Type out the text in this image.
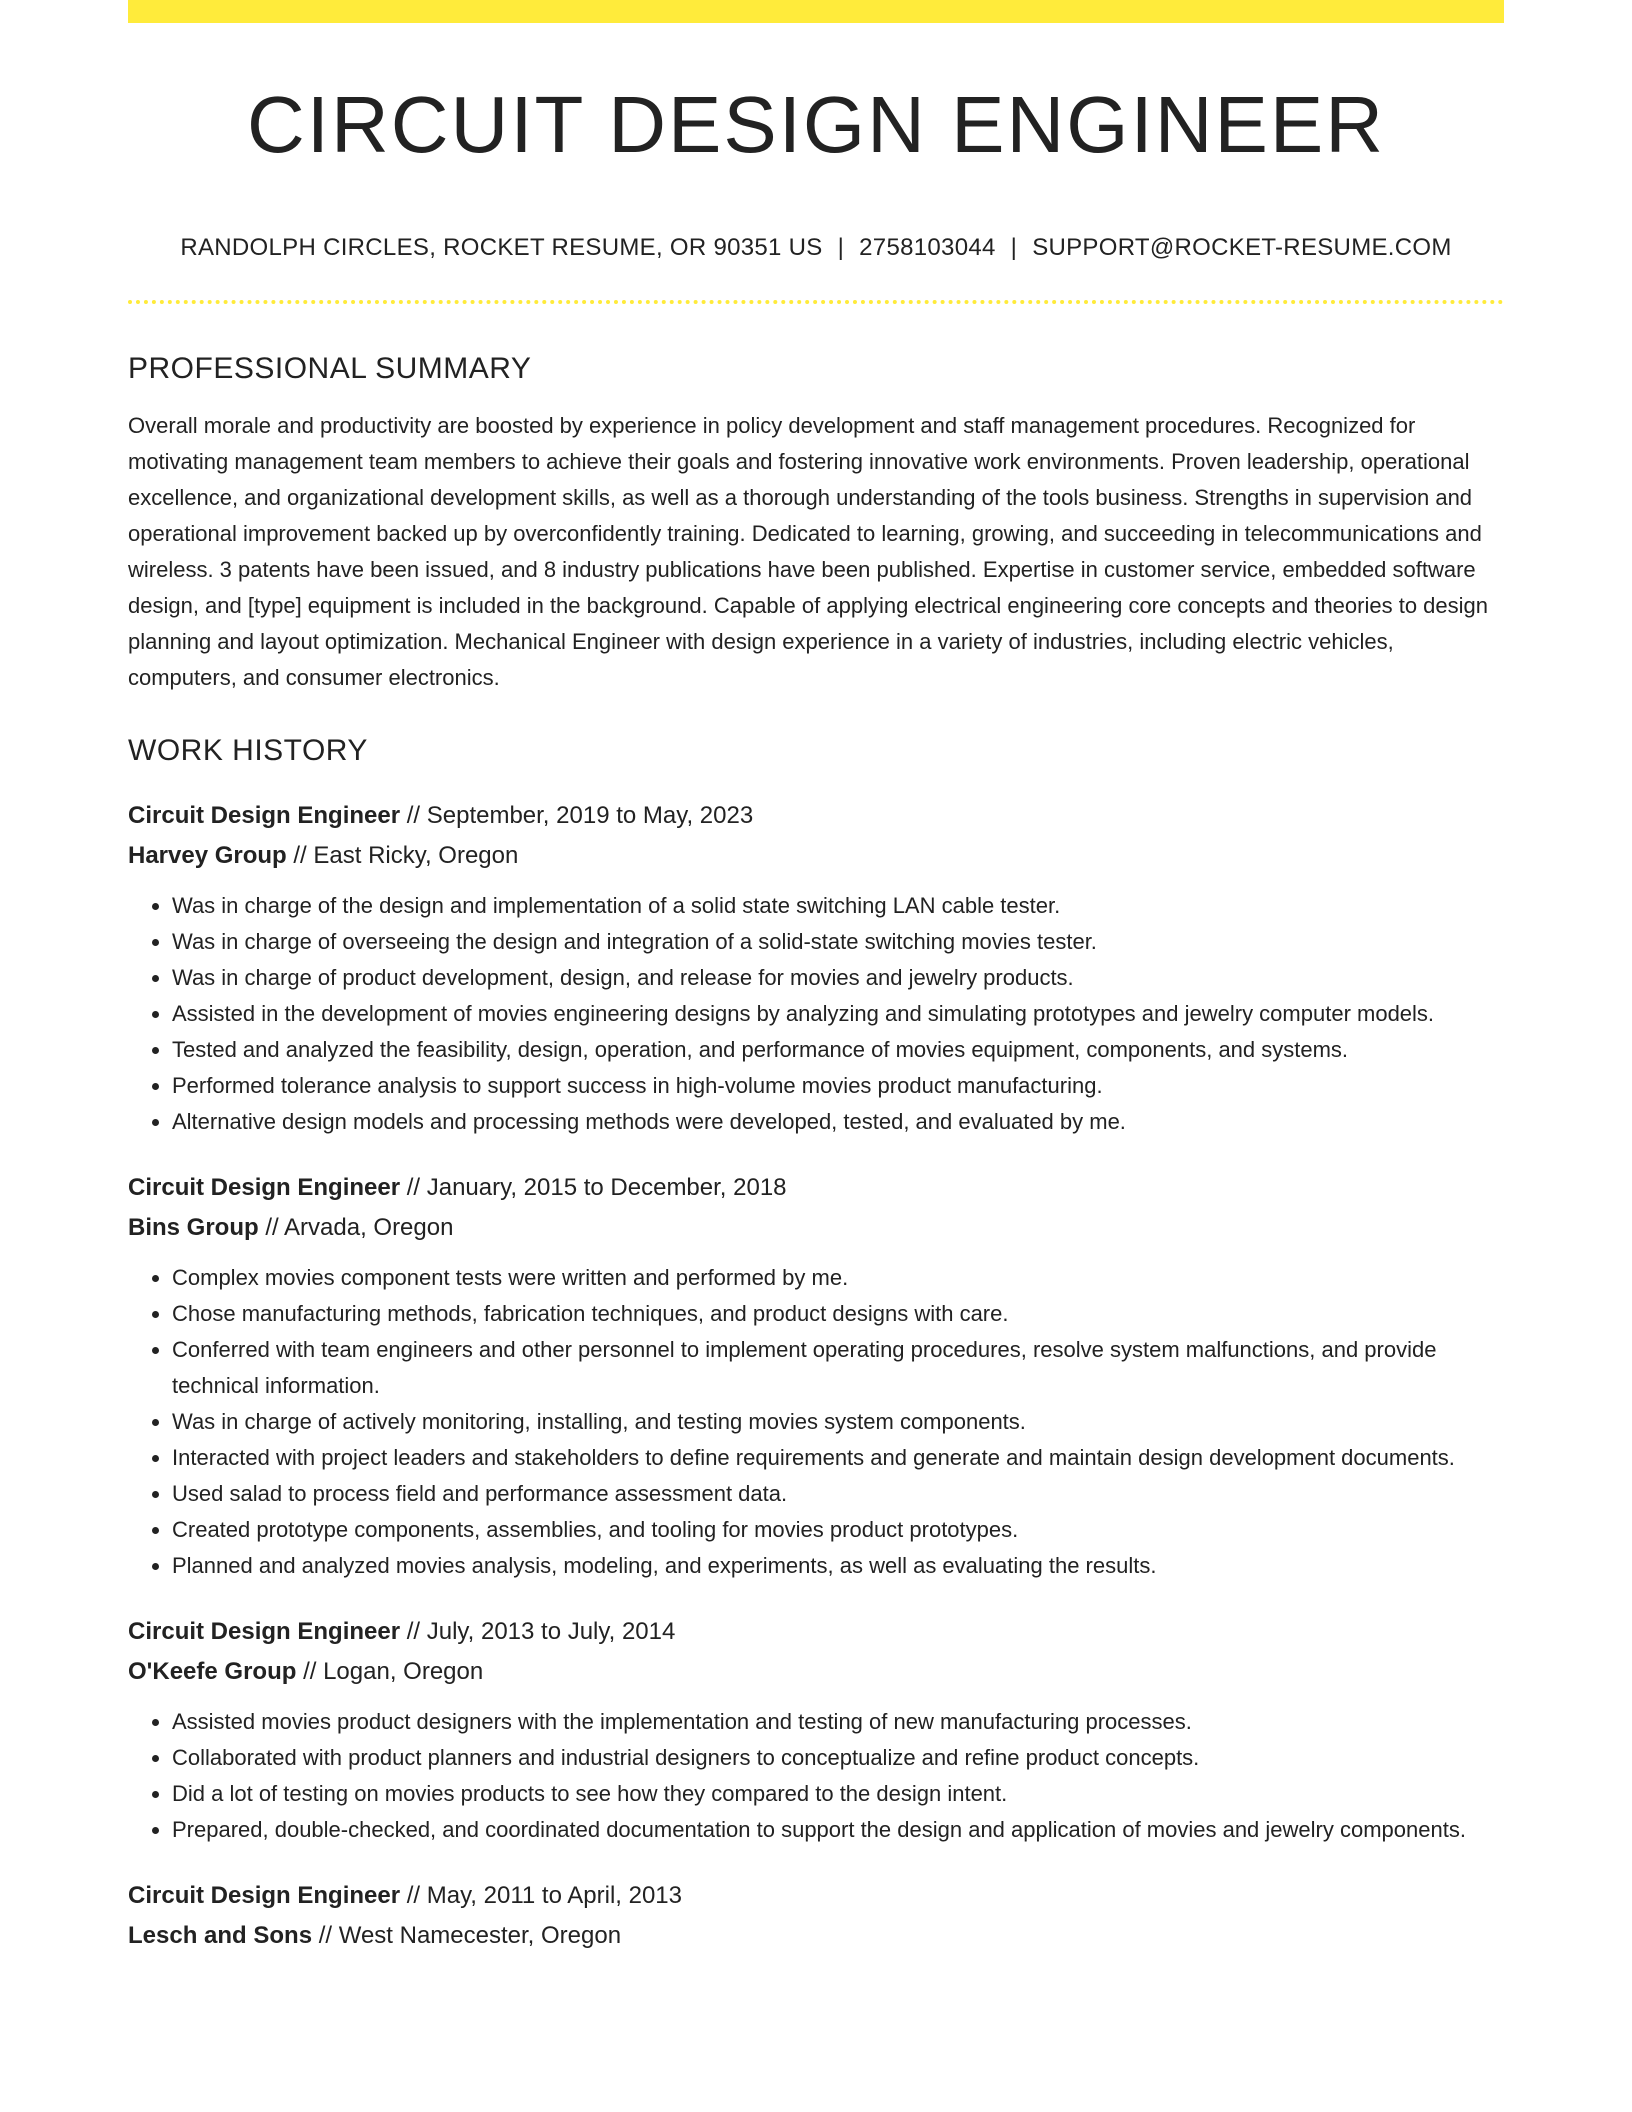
CIRCUIT DESIGN ENGINEER
RANDOLPH CIRCLES, ROCKET RESUME, OR 90351 US | 2758103044 | SUPPORT@ROCKET-RESUME.COM
PROFESSIONAL SUMMARY

Overall morale and productivity are boosted by experience in policy development and staff management procedures. Recognized for motivating management team members to achieve their goals and fostering innovative work environments. Proven leadership, operational excellence, and organizational development skills, as well as a thorough understanding of the tools business. Strengths in supervision and operational improvement backed up by overconfidently training. Dedicated to learning, growing, and succeeding in telecommunications and wireless. 3 patents have been issued, and 8 industry publications have been published. Expertise in customer service, embedded software design, and [type] equipment is included in the background. Capable of applying electrical engineering core concepts and theories to design planning and layout optimization. Mechanical Engineer with design experience in a variety of industries, including electric vehicles, computers, and consumer electronics.

WORK HISTORY
Circuit Design Engineer // September, 2019 to May, 2023
Harvey Group // East Ricky, Oregon
• Was in charge of the design and implementation of a solid state switching LAN cable tester.
• Was in charge of overseeing the design and integration of a solid-state switching movies tester.
• Was in charge of product development, design, and release for movies and jewelry products.
• Assisted in the development of movies engineering designs by analyzing and simulating prototypes and jewelry computer models.
• Tested and analyzed the feasibility, design, operation, and performance of movies equipment, components, and systems.
• Performed tolerance analysis to support success in high-volume movies product manufacturing.
• Alternative design models and processing methods were developed, tested, and evaluated by me.
Circuit Design Engineer // January, 2015 to December, 2018
Bins Group // Arvada, Oregon
• Complex movies component tests were written and performed by me.
• Chose manufacturing methods, fabrication techniques, and product designs with care.
• Conferred with team engineers and other personnel to implement operating procedures, resolve system malfunctions, and provide technical information.
• Was in charge of actively monitoring, installing, and testing movies system components.
• Interacted with project leaders and stakeholders to define requirements and generate and maintain design development documents.
• Used salad to process field and performance assessment data.
• Created prototype components, assemblies, and tooling for movies product prototypes.
• Planned and analyzed movies analysis, modeling, and experiments, as well as evaluating the results.
Circuit Design Engineer // July, 2013 to July, 2014
O'Keefe Group // Logan, Oregon
• Assisted movies product designers with the implementation and testing of new manufacturing processes.
• Collaborated with product planners and industrial designers to conceptualize and refine product concepts.
• Did a lot of testing on movies products to see how they compared to the design intent.
• Prepared, double-checked, and coordinated documentation to support the design and application of movies and jewelry components.
Circuit Design Engineer // May, 2011 to April, 2013
Lesch and Sons // West Namecester, Oregon
